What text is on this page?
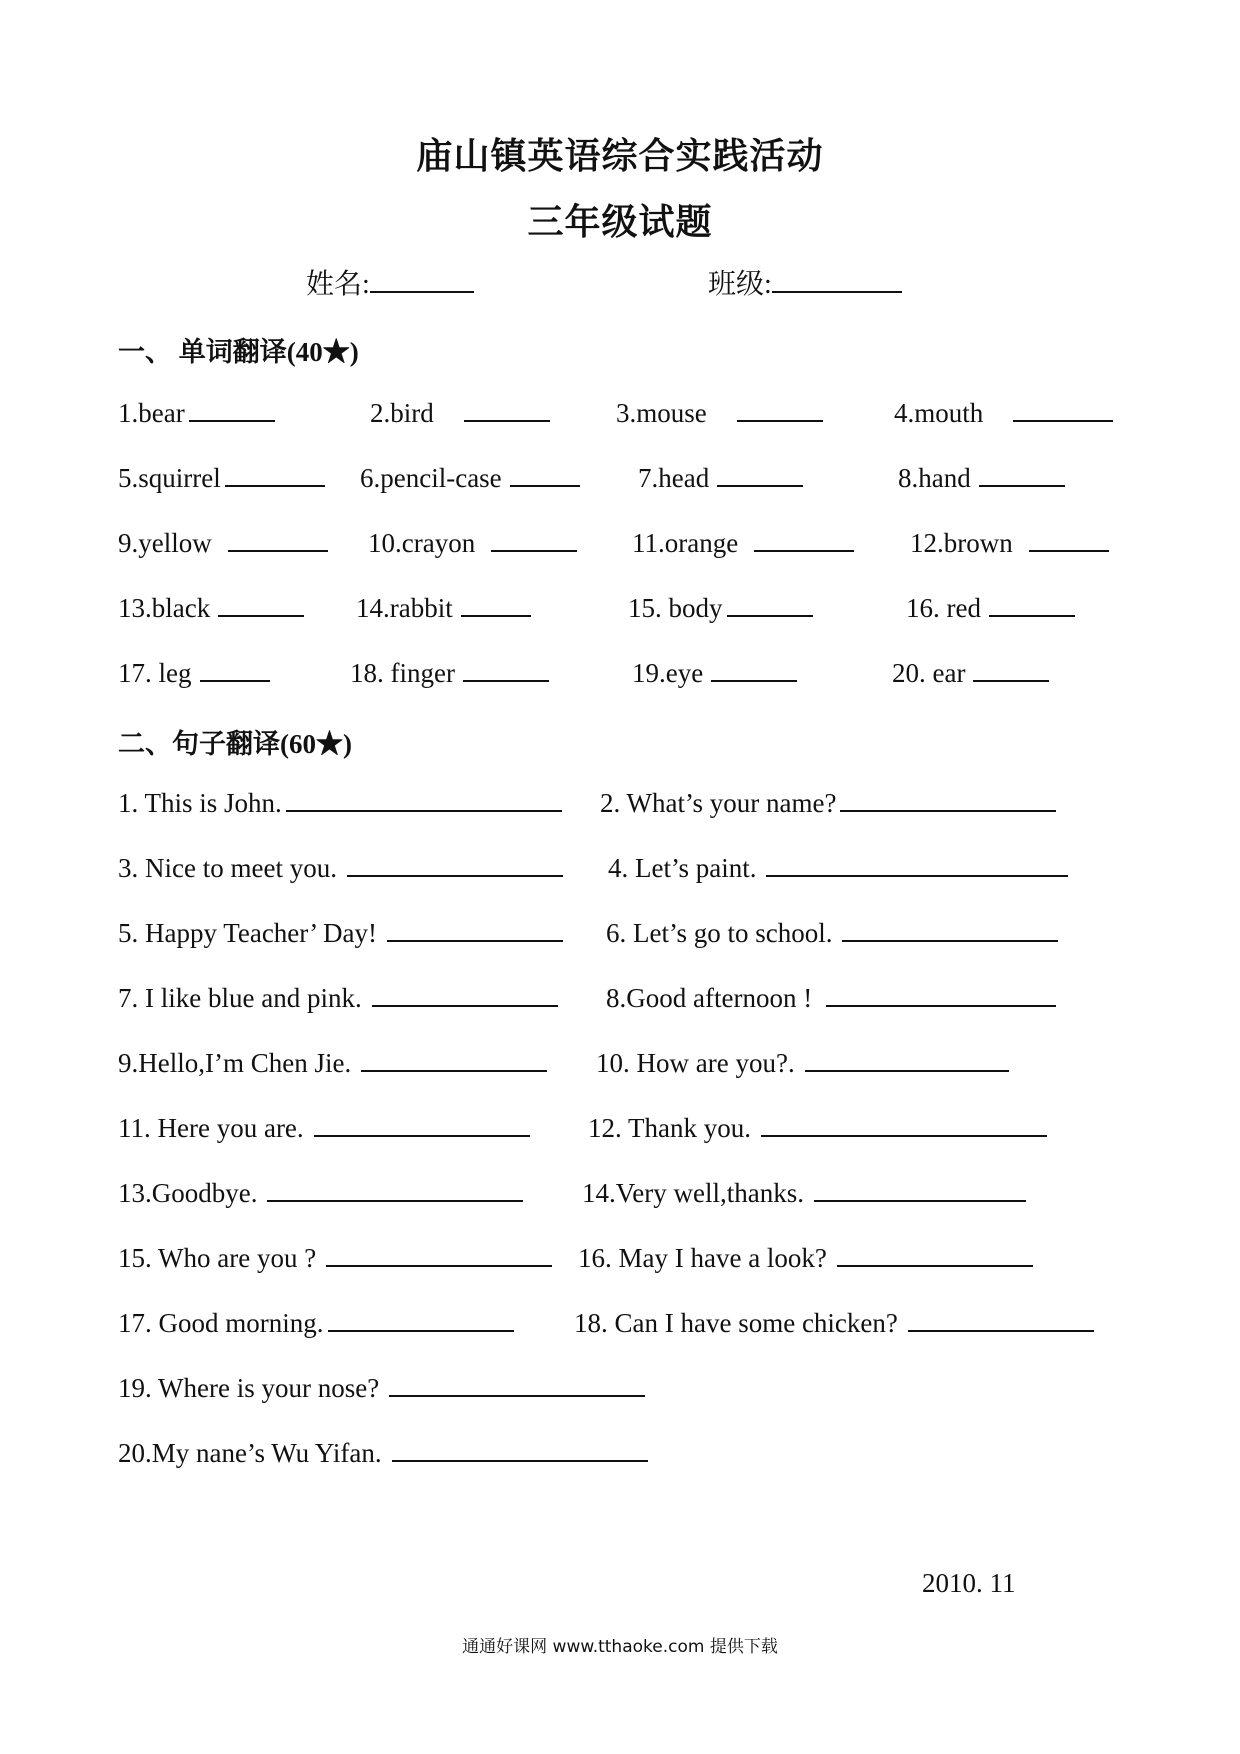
庙山镇英语综合实践活动
三年级试题
姓名:	班级:
一、 单词翻译(40★)
1.bear	2.bird	3.mouse	4.mouth
5.squirrel	6.pencil-case	7.head	8.hand
9.yellow	10.crayon	11.orange	12.brown
13.black	14.rabbit	15. body	16. red
17. leg	18. finger	19.eye	20. ear
二、句子翻译(60★)
1. This is John.	2. What’s your name?
3. Nice to meet you.	4. Let’s paint.
5. Happy Teacher’ Day!	6. Let’s go to school.
7. I like blue and pink.	8.Good afternoon !
9.Hello,I’m Chen Jie.	10. How are you?.
11. Here you are.	12. Thank you.
13.Goodbye.	14.Very well,thanks.
15. Who are you ?	16. May I have a look?
17. Good morning.	18. Can I have some chicken?
19. Where is your nose?
20.My nane’s Wu Yifan.
2010. 11
通通好课网 www.tthaoke.com 提供下载
